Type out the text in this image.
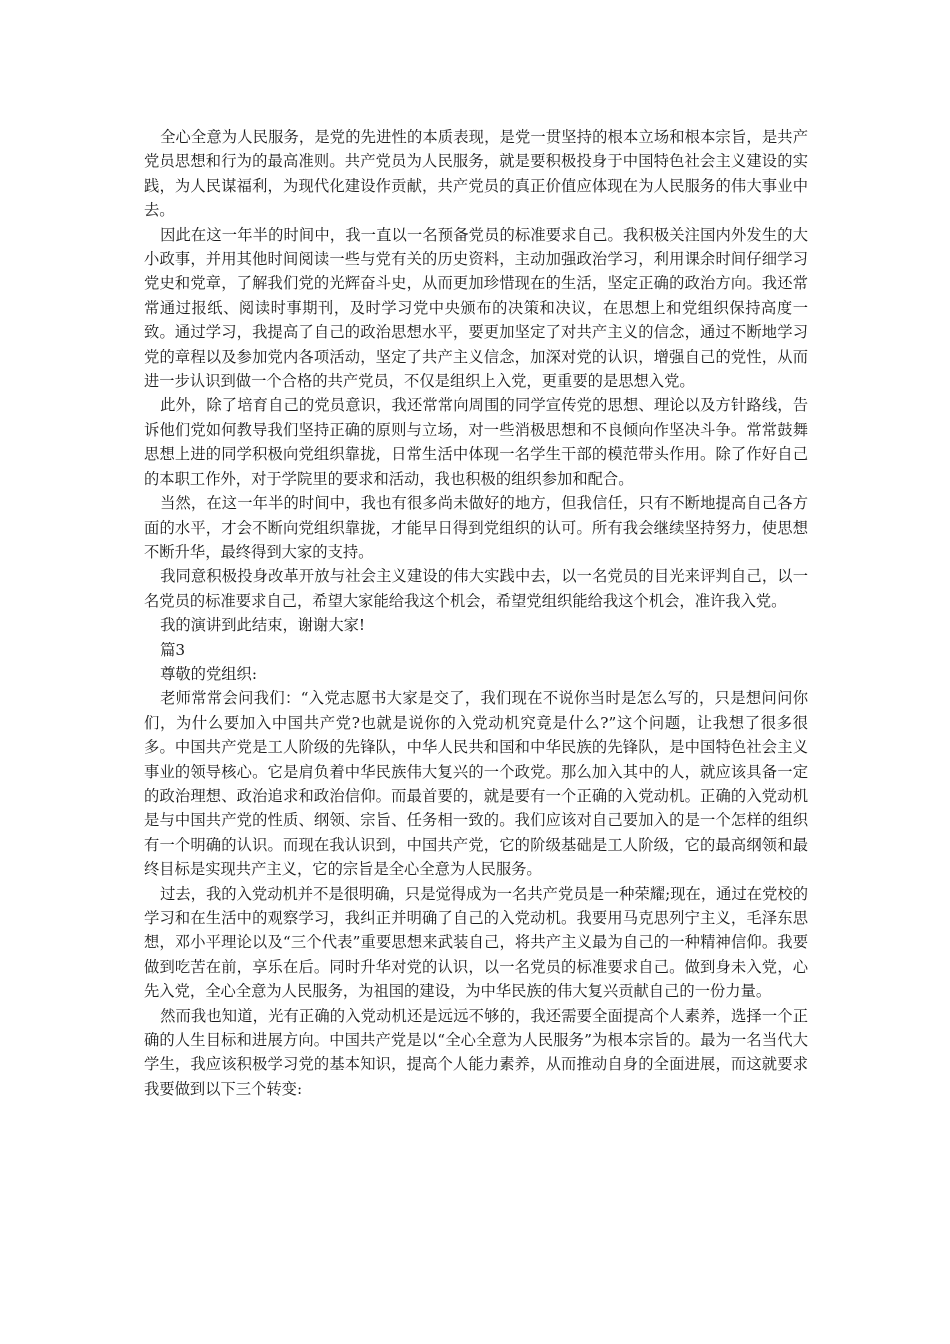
全心全意为人民服务，是党的先进性的本质表现，是党一贯坚持的根本立场和根本宗旨，是共产党员思想和行为的最高准则。共产党员为人民服务，就是要积极投身于中国特色社会主义建设的实践，为人民谋福利，为现代化建设作贡献，共产党员的真正价值应体现在为人民服务的伟大事业中去。

因此在这一年半的时间中，我一直以一名预备党员的标准要求自己。我积极关注国内外发生的大小政事，并用其他时间阅读一些与党有关的历史资料，主动加强政治学习，利用课余时间仔细学习党史和党章，了解我们党的光辉奋斗史，从而更加珍惜现在的生活，坚定正确的政治方向。我还常常通过报纸、阅读时事期刊，及时学习党中央颁布的决策和决议，在思想上和党组织保持高度一致。通过学习，我提高了自己的政治思想水平，要更加坚定了对共产主义的信念，通过不断地学习党的章程以及参加党内各项活动，坚定了共产主义信念，加深对党的认识，增强自己的党性，从而进一步认识到做一个合格的共产党员，不仅是组织上入党，更重要的是思想入党。

此外，除了培育自己的党员意识，我还常常向周围的同学宣传党的思想、理论以及方针路线，告诉他们党如何教导我们坚持正确的原则与立场，对一些消极思想和不良倾向作坚决斗争。常常鼓舞思想上进的同学积极向党组织靠拢，日常生活中体现一名学生干部的模范带头作用。除了作好自己的本职工作外，对于学院里的要求和活动，我也积极的组织参加和配合。

当然，在这一年半的时间中，我也有很多尚未做好的地方，但我信任，只有不断地提高自己各方面的水平，才会不断向党组织靠拢，才能早日得到党组织的认可。所有我会继续坚持努力，使思想不断升华，最终得到大家的支持。

我同意积极投身改革开放与社会主义建设的伟大实践中去，以一名党员的目光来评判自己，以一名党员的标准要求自己，希望大家能给我这个机会，希望党组织能给我这个机会，准许我入党。

我的演讲到此结束，谢谢大家!

篇3

尊敬的党组织:

老师常常会问我们：“入党志愿书大家是交了，我们现在不说你当时是怎么写的，只是想问问你们，为什么要加入中国共产党?也就是说你的入党动机究竟是什么?”这个问题，让我想了很多很多。中国共产党是工人阶级的先锋队，中华人民共和国和中华民族的先锋队，是中国特色社会主义事业的领导核心。它是肩负着中华民族伟大复兴的一个政党。那么加入其中的人，就应该具备一定的政治理想、政治追求和政治信仰。而最首要的，就是要有一个正确的入党动机。正确的入党动机是与中国共产党的性质、纲领、宗旨、任务相一致的。我们应该对自己要加入的是一个怎样的组织有一个明确的认识。而现在我认识到，中国共产党，它的阶级基础是工人阶级，它的最高纲领和最终目标是实现共产主义，它的宗旨是全心全意为人民服务。

过去，我的入党动机并不是很明确，只是觉得成为一名共产党员是一种荣耀;现在，通过在党校的学习和在生活中的观察学习，我纠正并明确了自己的入党动机。我要用马克思列宁主义，毛泽东思想，邓小平理论以及“三个代表”重要思想来武装自己，将共产主义最为自己的一种精神信仰。我要做到吃苦在前，享乐在后。同时升华对党的认识，以一名党员的标准要求自己。做到身未入党，心先入党，全心全意为人民服务，为祖国的建设，为中华民族的伟大复兴贡献自己的一份力量。

然而我也知道，光有正确的入党动机还是远远不够的，我还需要全面提高个人素养，选择一个正确的人生目标和进展方向。中国共产党是以“全心全意为人民服务”为根本宗旨的。最为一名当代大学生，我应该积极学习党的基本知识，提高个人能力素养，从而推动自身的全面进展，而这就要求我要做到以下三个转变:
